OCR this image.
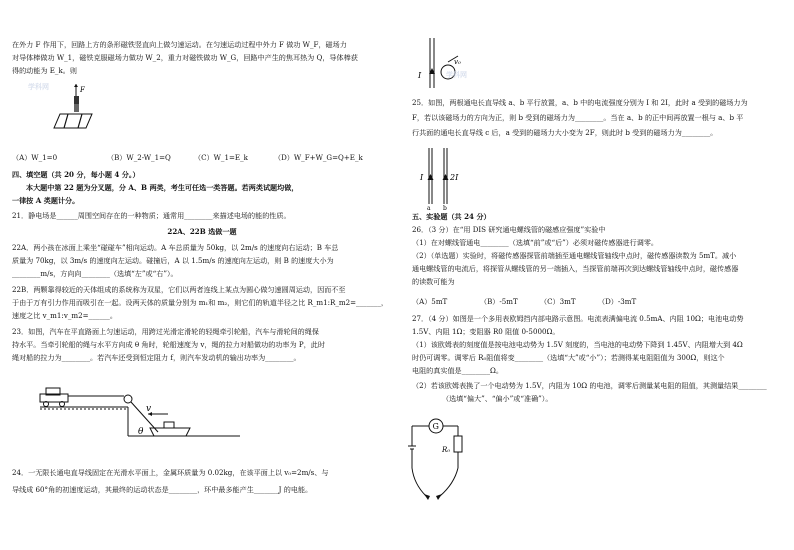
在外力 F 作用下，回路上方的条形磁铁竖直向上做匀速运动。在匀速运动过程中外力 F 做功 W_F，磁场力

对导体棒做功 W_1，磁铁克服磁场力做功 W_2，重力对磁铁做功 W_G，回路中产生的焦耳热为 Q，导体棒获

得的动能为 E_k。则

F
（A）W_1=0	（B）W_2-W_1=Q	（C）W_1=E_k	（D）W_F+W_G=Q+E_k

四、填空题（共 20 分，每小题 4 分。）

本大题中第 22 题为分叉题，分 A、B 两类，考生可任选一类答题。若两类试题均做，

一律按 A 类题计分。

21．静电场是______周围空间存在的一种物质；通常用________来描述电场的能的性质。

22A、22B 选做一题

22A．两小孩在冰面上乘坐“碰碰车”相向运动。A 车总质量为 50kg，以 2m/s 的速度向右运动；B 车总

质量为 70kg，以 3m/s 的速度向左运动。碰撞后，A 以 1.5m/s 的速度向左运动，则 B 的速度大小为

________m/s，方向向________（选填“左”或“右”）。

22B．两颗靠得较近的天体组成的系统称为双星，它们以两者连线上某点为圆心做匀速圆周运动，因而不至

于由于万有引力作用而吸引在一起。设两天体的质量分别为 m₁和 m₂，则它们的轨道半径之比 R_m1:R_m2=_______，

速度之比 v_m1:v_m2=______。

23．如图，汽车在平直路面上匀速运动，用跨过光滑定滑轮的轻绳牵引轮船，汽车与滑轮间的绳保

持水平。当牵引轮船的绳与水平方向成 θ 角时，轮船速度为 v，绳的拉力对船做功的功率为 P，此时

绳对船的拉力为________。若汽车还受到恒定阻力 f，则汽车发动机的输出功率为________。

v
θ

24．一无限长通电直导线固定在光滑水平面上，金属环质量为 0.02kg，在该平面上以 v₀=2m/s、与

导线成 60°角的初速度运动，其最终的运动状态是________，环中最多能产生_______J 的电能。

I
v₀

25．如图，两根通电长直导线 a、b 平行放置，a、b 中的电流强度分别为 I 和 2I，此时 a 受到的磁场力为

F，若以该磁场力的方向为正，则 b 受到的磁场力为________。当在 a、b 的正中间再放置一根与 a、b 平

行共面的通电长直导线 c 后，a 受到的磁场力大小变为 2F，则此时 b 受到的磁场力为________。

I	2I
a b

五、实验题（共 24 分）

26．（3 分）在“用 DIS 研究通电螺线管的磁感应强度”实验中

（1）在对螺线管通电________（选填“前”或“后”）必须对磁传感器进行调零。

（2）（单选题）实验时，将磁传感器探管前端插至通电螺线管轴线中点时，磁传感器读数为 5mT。减小

通电螺线管的电流后，将探管从螺线管的另一端插入，当探管前端再次到达螺线管轴线中点时，磁传感器

的读数可能为

（A）5mT	（B）-5mT	（C）3mT	（D）-3mT

27．（4 分）如图是一个多用表欧姆挡内部电路示意图。电流表满偏电流 0.5mA、内阻 10Ω；电池电动势

1.5V、内阻 1Ω；变阻器 R0 阻值 0-5000Ω。

（1）该欧姆表的刻度值是按电池电动势为 1.5V 刻度的，当电池的电动势下降到 1.45V、内阻增大到 4Ω

时仍可调零。调零后 R₀阻值将变________（选填“大”或“小”）；若测得某电阻阻值为 300Ω，则这个

电阻的真实值是________Ω。

（2）若该欧姆表换了一个电动势为 1.5V，内阻为 10Ω 的电池，调零后测量某电阻的阻值，其测量结果________

（选填“偏大”、“偏小”或“准确”）。

G
R₀
学科网
学科网
